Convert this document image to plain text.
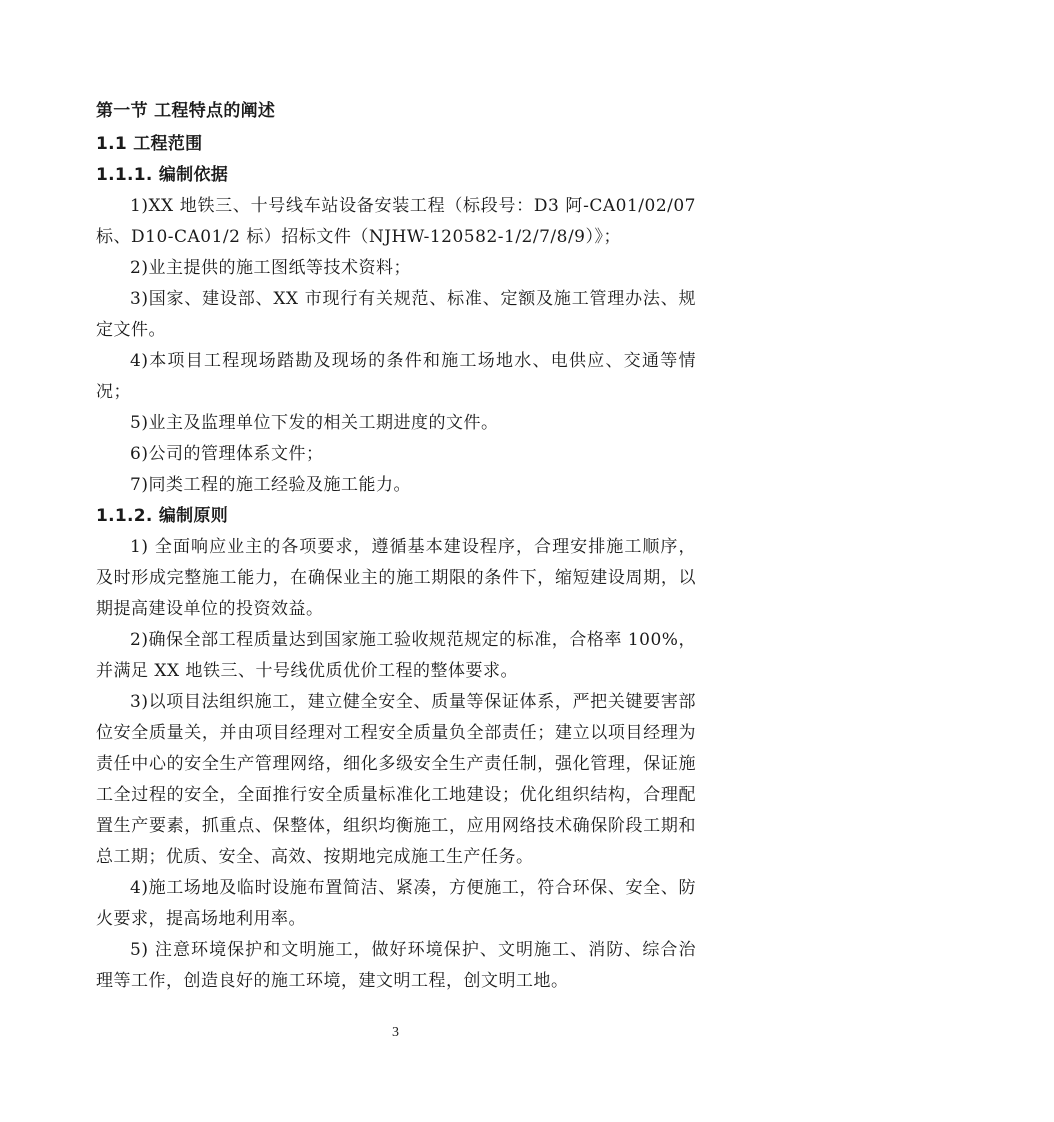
第一节 工程特点的阐述
1.1 工程范围
1.1.1. 编制依据

1)XX 地铁三、十号线车站设备安装工程（标段号：D3 阿-CA01/02/07 标、D10-CA01/2 标）招标文件（NJHW-120582-1/2/7/8/9）》；

2)业主提供的施工图纸等技术资料；

3)国家、建设部、XX 市现行有关规范、标准、定额及施工管理办法、规定文件。

4)本项目工程现场踏勘及现场的条件和施工场地水、电供应、交通等情况；

5)业主及监理单位下发的相关工期进度的文件。

6)公司的管理体系文件；

7)同类工程的施工经验及施工能力。

1.1.2. 编制原则

1) 全面响应业主的各项要求，遵循基本建设程序，合理安排施工顺序，及时形成完整施工能力，在确保业主的施工期限的条件下，缩短建设周期，以期提高建设单位的投资效益。

2)确保全部工程质量达到国家施工验收规范规定的标准，合格率 100%，并满足 XX 地铁三、十号线优质优价工程的整体要求。

3)以项目法组织施工，建立健全安全、质量等保证体系，严把关键要害部位安全质量关，并由项目经理对工程安全质量负全部责任；建立以项目经理为责任中心的安全生产管理网络，细化多级安全生产责任制，强化管理，保证施工全过程的安全，全面推行安全质量标准化工地建设；优化组织结构，合理配置生产要素，抓重点、保整体，组织均衡施工，应用网络技术确保阶段工期和总工期；优质、安全、高效、按期地完成施工生产任务。

4)施工场地及临时设施布置简洁、紧凑，方便施工，符合环保、安全、防火要求，提高场地利用率。

5) 注意环境保护和文明施工，做好环境保护、文明施工、消防、综合治理等工作，创造良好的施工环境，建文明工程，创文明工地。

3
